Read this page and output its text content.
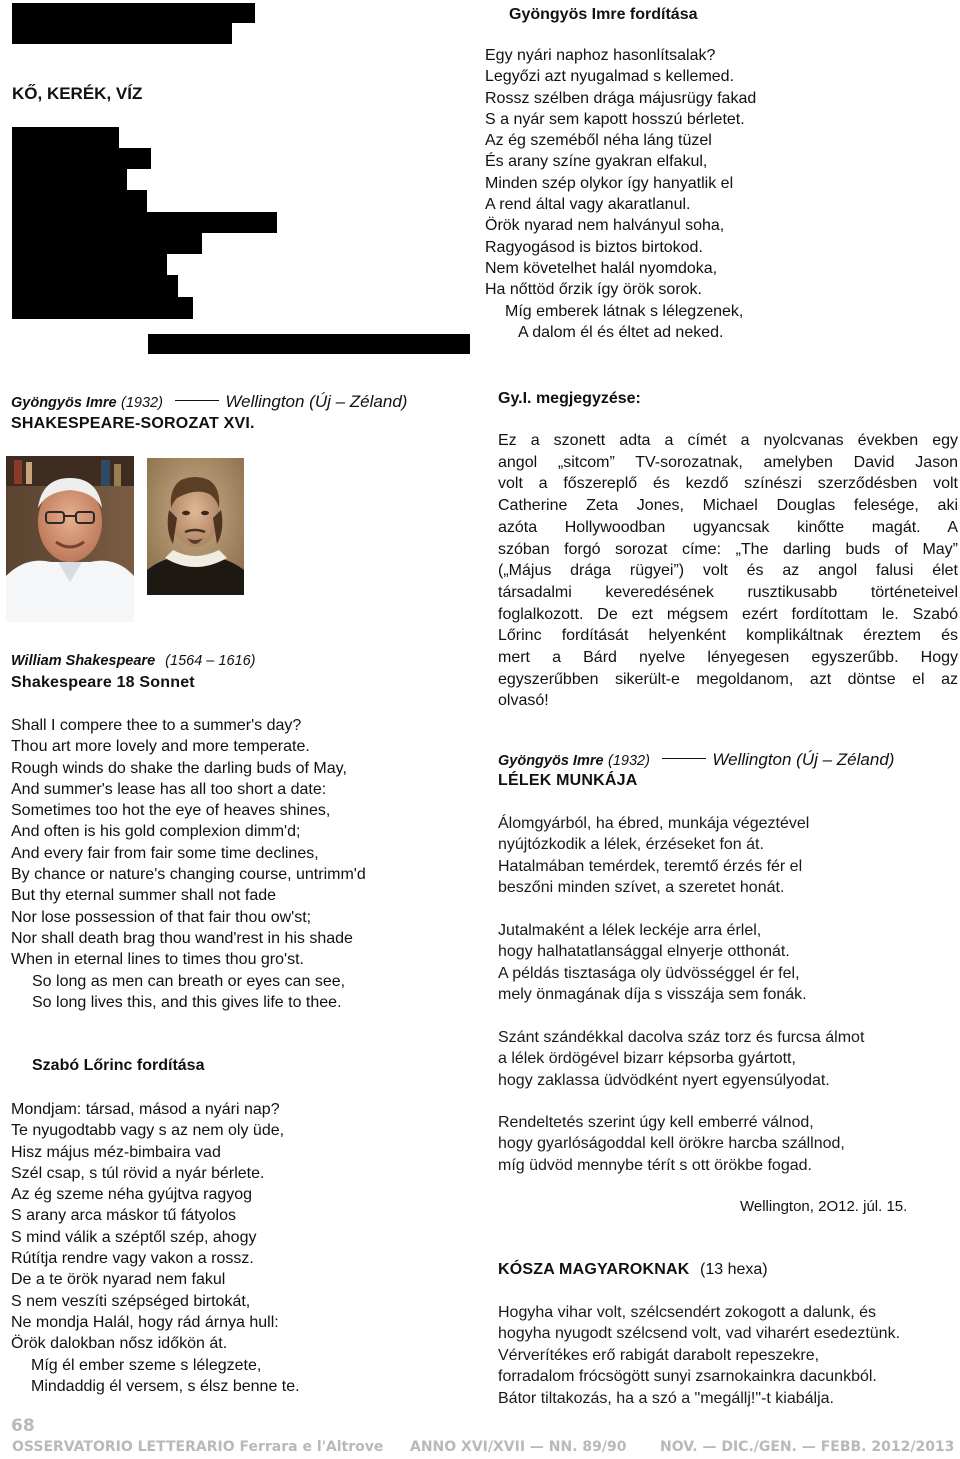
KŐ, KERÉK, VÍZ
Gyöngyös Imre fordítása
Egy nyári naphoz hasonlítsalak?
Legyőzi azt nyugalmad s kellemed.
Rossz szélben drága májusrügy fakad
S a nyár sem kapott hosszú bérletet.
Az ég szeméből néha láng tüzel
És arany színe gyakran elfakul,
Minden szép olykor így hanyatlik el
A rend által vagy akaratlanul.
Örök nyarad nem halványul soha,
Ragyogásod is biztos birtokod.
Nem követelhet halál nyomdoka,
Ha nőttöd őrzik így örök sorok.
Míg emberek látnak s lélegzenek,
A dalom él és éltet ad neked.
Gyöngyös Imre (1932)	Wellington (Új – Zéland)
SHAKESPEARE-SOROZAT XVI.
William Shakespeare (1564 – 1616)
Shakespeare 18 Sonnet
Shall I compere thee to a summer's day?
Thou art more lovely and more temperate.
Rough winds do shake the darling buds of May,
And summer's lease has all too short a date:
Sometimes too hot the eye of heaves shines,
And often is his gold complexion dimm'd;
And every fair from fair some time declines,
By chance or nature's changing course, untrimm'd
But thy eternal summer shall not fade
Nor lose possession of that fair thou ow'st;
Nor shall death brag thou wand'rest in his shade
When in eternal lines to times thou gro'st.
So long as men can breath or eyes can see,
So long lives this, and this gives life to thee.
Szabó Lőrinc fordítása
Mondjam: társad, másod a nyári nap?
Te nyugodtabb vagy s az nem oly üde,
Hisz május méz-bimbaira vad
Szél csap, s túl rövid a nyár bérlete.
Az ég szeme néha gyújtva ragyog
S arany arca máskor tű fátyolos
S mind válik a széptől szép, ahogy
Rútítja rendre vagy vakon a rossz.
De a te örök nyarad nem fakul
S nem veszíti szépséged birtokát,
Ne mondja Halál, hogy rád árnya hull:
Örök dalokban nősz időkön át.
Míg él ember szeme s lélegzete,
Mindaddig él versem, s élsz benne te.
Gy.I. megjegyzése:
Ez a szonett adta a címét a nyolcvanas években egy
angol „sitcom” TV-sorozatnak, amelyben David Jason
volt a főszereplő és kezdő színészi szerződésben volt
Catherine Zeta Jones, Michael Douglas felesége, aki
azóta Hollywoodban ugyancsak kinőtte magát. A
szóban forgó sorozat címe: „The darling buds of May”
(„Május drága rügyei”) volt és az angol falusi élet
társadalmi keveredésének rusztikusabb történeteivel
foglalkozott. De ezt mégsem ezért fordítottam le. Szabó
Lőrinc fordítását helyenként komplikáltnak éreztem és
mert a Bárd nyelve lényegesen egyszerűbb. Hogy
egyszerűbben sikerült-e megoldanom, azt döntse el az
olvasó!
Gyöngyös Imre (1932)	Wellington (Új – Zéland)
LÉLEK MUNKÁJA
Álomgyárból, ha ébred, munkája végeztével
nyújtózkodik a lélek, érzéseket fon át.
Hatalmában temérdek, teremtő érzés fér el
beszőni minden szívet, a szeretet honát.
Jutalmaként a lélek leckéje arra érlel,
hogy halhatatlansággal elnyerje otthonát.
A példás tisztasága oly üdvösséggel ér fel,
mely önmagának díja s visszája sem fonák.
Szánt szándékkal dacolva száz torz és furcsa álmot
a lélek ördögével bizarr képsorba gyártott,
hogy zaklassa üdvödként nyert egyensúlyodat.
Rendeltetés szerint úgy kell emberré válnod,
hogy gyarlóságoddal kell örökre harcba szállnod,
míg üdvöd mennybe térít s ott örökbe fogad.
Wellington, 2O12. júl. 15.
KÓSZA MAGYAROKNAK (13 hexa)
Hogyha vihar volt, szélcsendért zokogott a dalunk, és
hogyha nyugodt szélcsend volt, vad viharért esedeztünk.
Vérverítékes erő rabigát darabolt repeszekre,
forradalom frócsögött sunyi zsarnokainkra dacunkból.
Bátor tiltakozás, ha a szó a "megállj!"-t kiabálja.
68
OSSERVATORIO LETTERARIO Ferrara e l'Altrove ANNO XVI/XVII — NN. 89/90 NOV. — DIC./GEN. — FEBB. 2012/2013
